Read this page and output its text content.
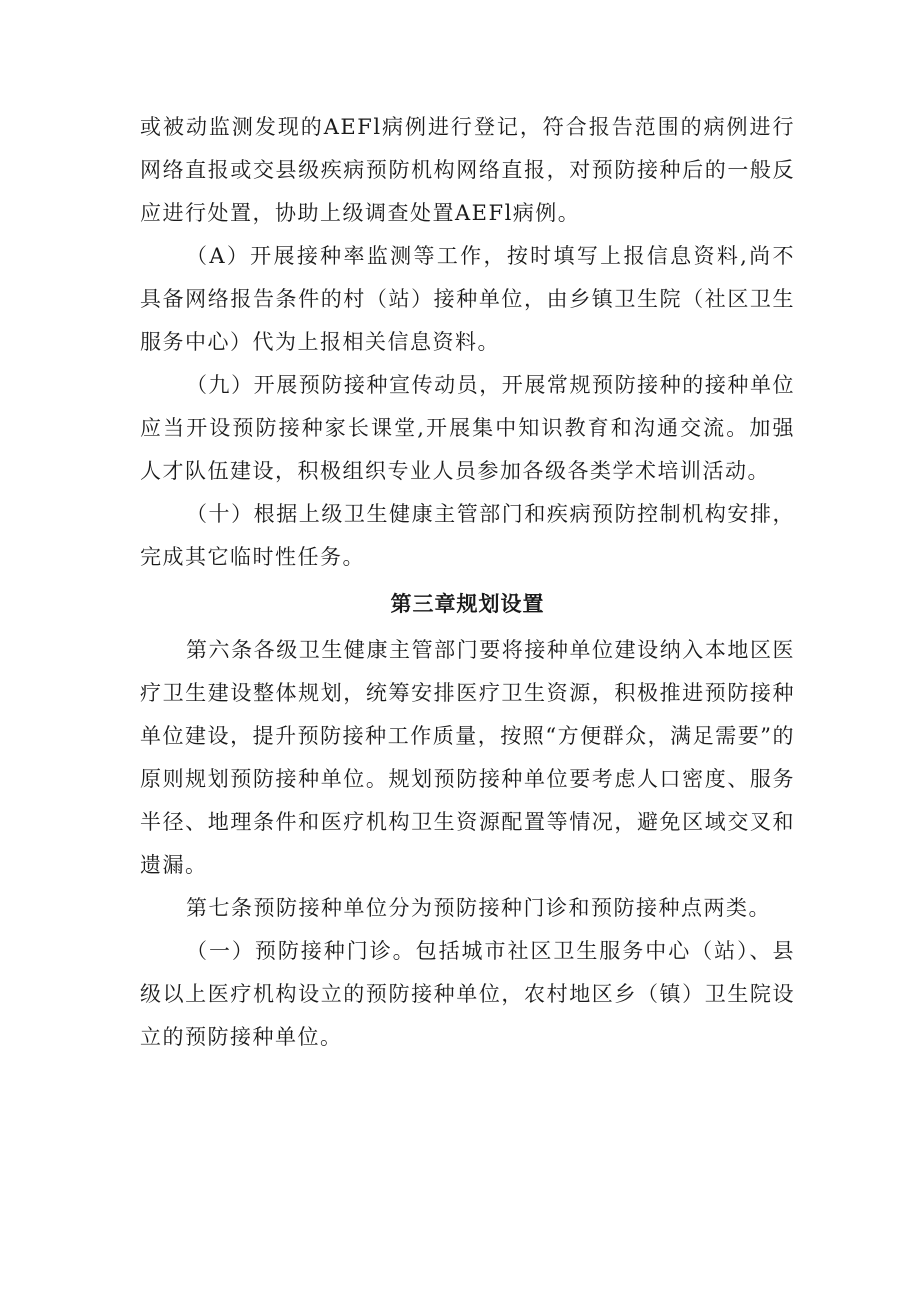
或被动监测发现的AEFl病例进行登记，符合报告范围的病例进行网络直报或交县级疾病预防机构网络直报，对预防接种后的一般反应进行处置，协助上级调查处置AEFl病例。

（A）开展接种率监测等工作，按时填写上报信息资料,尚不具备网络报告条件的村（站）接种单位，由乡镇卫生院（社区卫生服务中心）代为上报相关信息资料。

（九）开展预防接种宣传动员，开展常规预防接种的接种单位应当开设预防接种家长课堂,开展集中知识教育和沟通交流。加强人才队伍建设，积极组织专业人员参加各级各类学术培训活动。

（十）根据上级卫生健康主管部门和疾病预防控制机构安排，完成其它临时性任务。

第三章规划设置

第六条各级卫生健康主管部门要将接种单位建设纳入本地区医疗卫生建设整体规划，统筹安排医疗卫生资源，积极推进预防接种单位建设，提升预防接种工作质量，按照“方便群众，满足需要”的原则规划预防接种单位。规划预防接种单位要考虑人口密度、服务半径、地理条件和医疗机构卫生资源配置等情况，避免区域交叉和遗漏。

第七条预防接种单位分为预防接种门诊和预防接种点两类。

（一）预防接种门诊。包括城市社区卫生服务中心（站）、县级以上医疗机构设立的预防接种单位，农村地区乡（镇）卫生院设立的预防接种单位。
